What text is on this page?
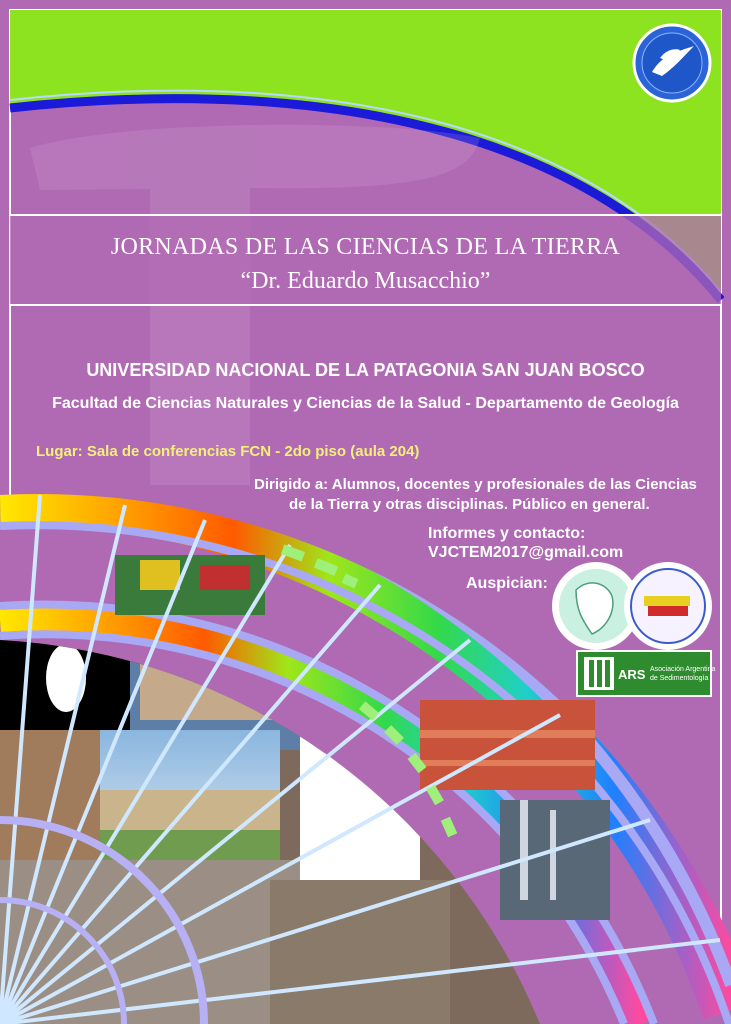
ARS Asociación Argentina
de Sedimentología

JORNADAS DE LAS CIENCIAS DE LA TIERRA

“Dr. Eduardo Musacchio”

UNIVERSIDAD NACIONAL DE LA PATAGONIA SAN JUAN BOSCO

Facultad de Ciencias Naturales y Ciencias de la Salud - Departamento de Geología

Lugar: Sala de conferencias FCN - 2do piso (aula 204)

Dirigido a: Alumnos, docentes y profesionales de las Ciencias

de la Tierra y otras disciplinas. Público en general.

Informes y contacto:

VJCTEM2017@gmail.com

Auspician:
